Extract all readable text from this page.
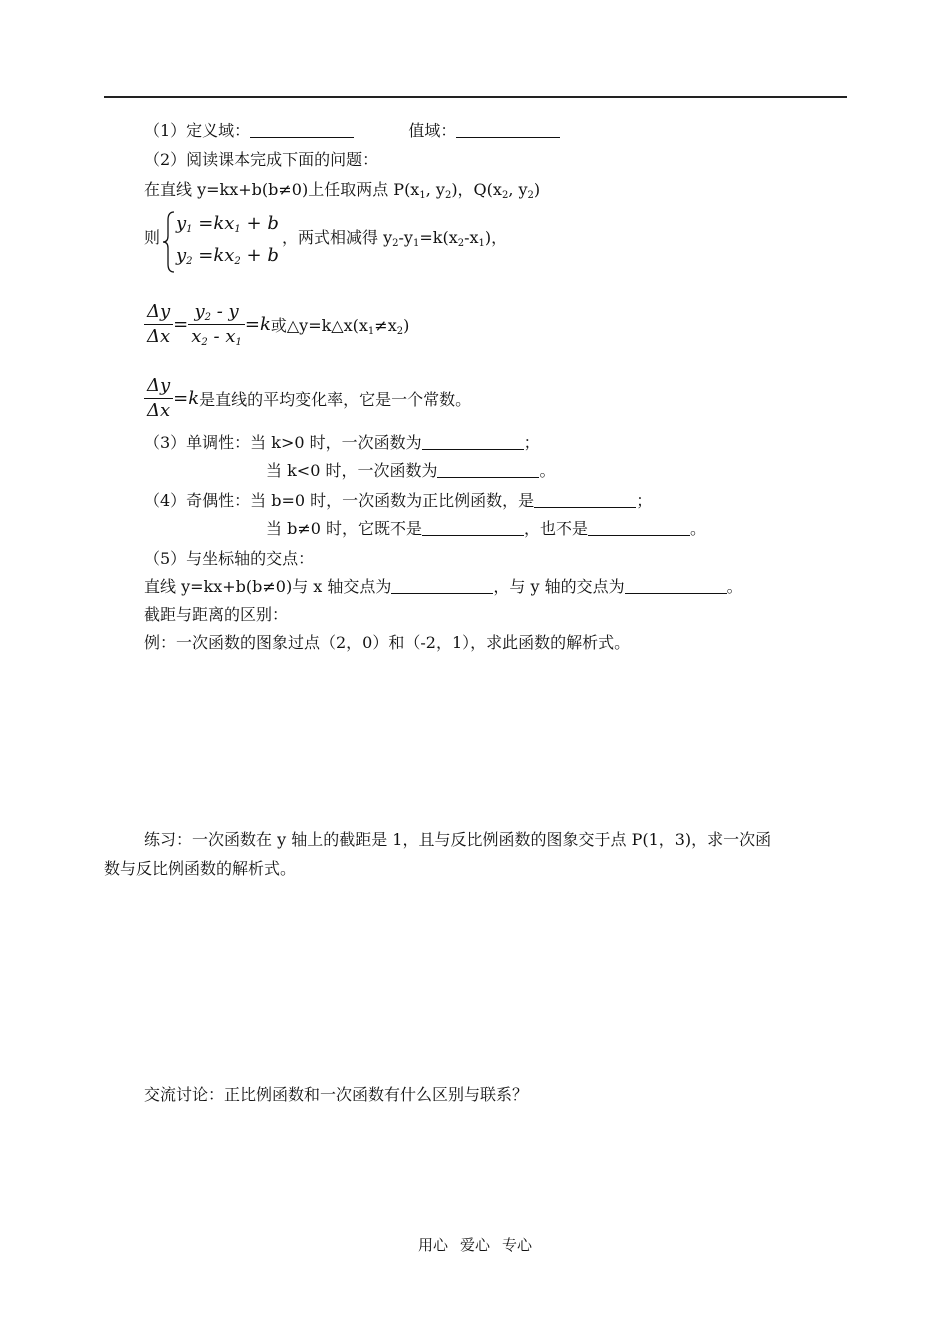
（1）定义域：	值域：
（2）阅读课本完成下面的问题：
在直线 y=kx+b(b≠0)上任取两点 $P(x_1$, $y_2$)，$Q(x_2$, $y_2$)
则
$y_1 =kx_1 + b$
$y_2 =kx_2 + b$
，两式相减得 $y_2-y_1=k(x_2-x_1)$，
$\frac{\Delta y}{\Delta x} = \frac{y_2 - y}{x_2 - x_1} =k$或$\triangle y=k\triangle x(x_1\ne x_2)$
$\frac{\Delta y}{\Delta x} =k$是直线的平均变化率，它是一个常数。
（3）单调性：当 k>0 时，一次函数为	；
当 k<0 时，一次函数为	。
（4）奇偶性：当 b=0 时，一次函数为正比例函数，是	；
当 b≠0 时，它既不是	，也不是	。
（5）与坐标轴的交点：
直线 y=kx+b(b≠0)与 x 轴交点为	，与 y 轴的交点为	。
截距与距离的区别：
例：一次函数的图象过点（2，0）和（-2，1），求此函数的解析式。
练习：一次函数在 y 轴上的截距是 1，且与反比例函数的图象交于点 P(1，3)，求一次函
数与反比例函数的解析式。
交流讨论：正比例函数和一次函数有什么区别与联系？
用心 爱心 专心
